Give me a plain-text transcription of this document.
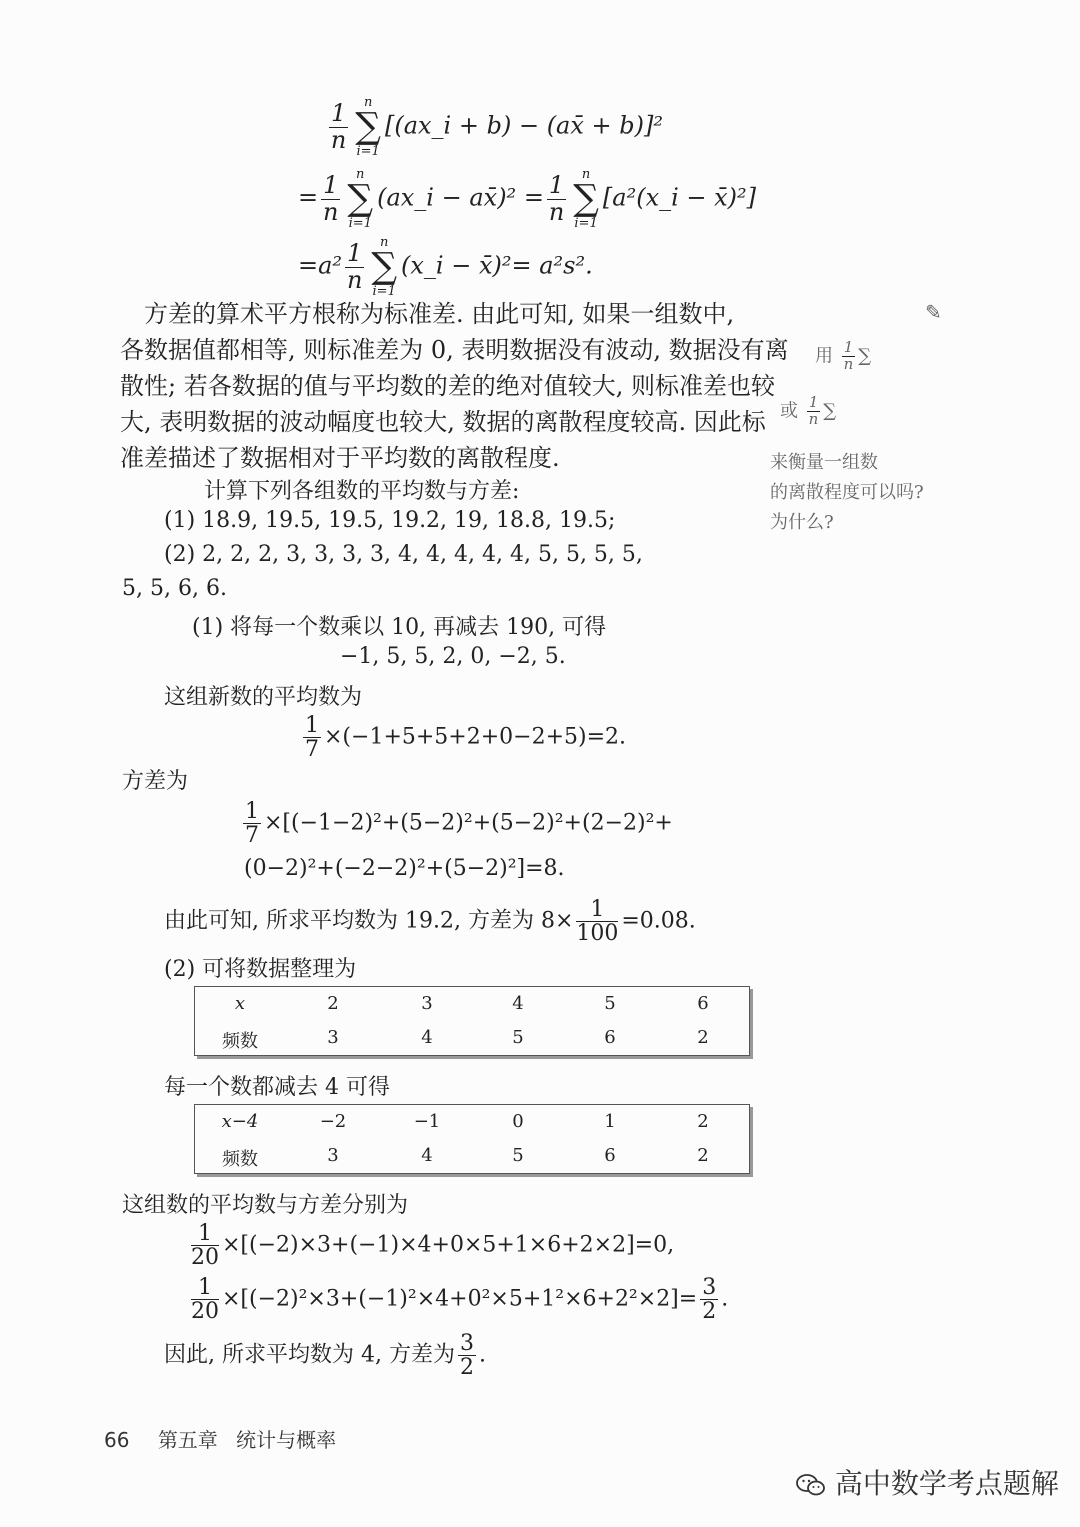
$\frac{1}{n}$	n
∑
i=1
[(ax_i + b) − (ax̄ + b)]²
= $\frac{1}{n}$	n
∑
i=1
(ax_i − ax̄)² = $\frac{1}{n}$	n
∑
i=1
[a²(x_i − x̄)²]
$=a^2 \frac{1}{n}$	n
∑
i=1
(x_i − x̄)²= a²s².
方差的算术平方根称为标准差. 由此可知, 如果一组数中,
各数据值都相等, 则标准差为 0, 表明数据没有波动, 数据没有离
散性; 若各数据的值与平均数的差的绝对值较大, 则标准差也较
大, 表明数据的波动幅度也较大, 数据的离散程度较高. 因此标
准差描述了数据相对于平均数的离散程度.
✎
用 $\frac{1}{n}$ ∑
或 $\frac{1}{n}$ ∑
来衡量一组数
的离散程度可以吗?
为什么?
计算下列各组数的平均数与方差:
(1) 18.9, 19.5, 19.5, 19.2, 19, 18.8, 19.5;
(2) 2, 2, 2, 3, 3, 3, 3, 4, 4, 4, 4, 4, 5, 5, 5, 5,
5, 5, 6, 6.
(1) 将每一个数乘以 10, 再减去 190, 可得
−1, 5, 5, 2, 0, −2, 5.
这组新数的平均数为
$\frac{1}{7} \times(-1+5+5+2+0-2+5)=2$.
方差为
$\frac{1}{7} \times[(-1-2)^2+(5-2)^2+(5-2)^2+(2-2)^2+$
(0−2)²+(−2−2)²+(5−2)²]=8.
由此可知, 所求平均数为 19.2, 方差为 $8\times \frac{1}{100} =0.08$.
(2) 可将数据整理为
x	2	3	4	5	6
频数	3	4	5	6	2
每一个数都减去 4 可得
x−4	−2	−1	0	1	2
频数	3	4	5	6	2
这组数的平均数与方差分别为
$\frac{1}{20} \times[(-2)\times 3+(-1)\times 4+0\times 5+1\times 6+2\times 2]=0$,
$\frac{1}{20} \times[(-2)^2\times 3+(-1)^2\times 4+0^2\times 5+1^2\times 6+2^2\times 2]= \frac{3}{2}$ .
因此, 所求平均数为 4, 方差为 $\frac{3}{2}$ .
66 第五章 统计与概率
高中数学考点题解
